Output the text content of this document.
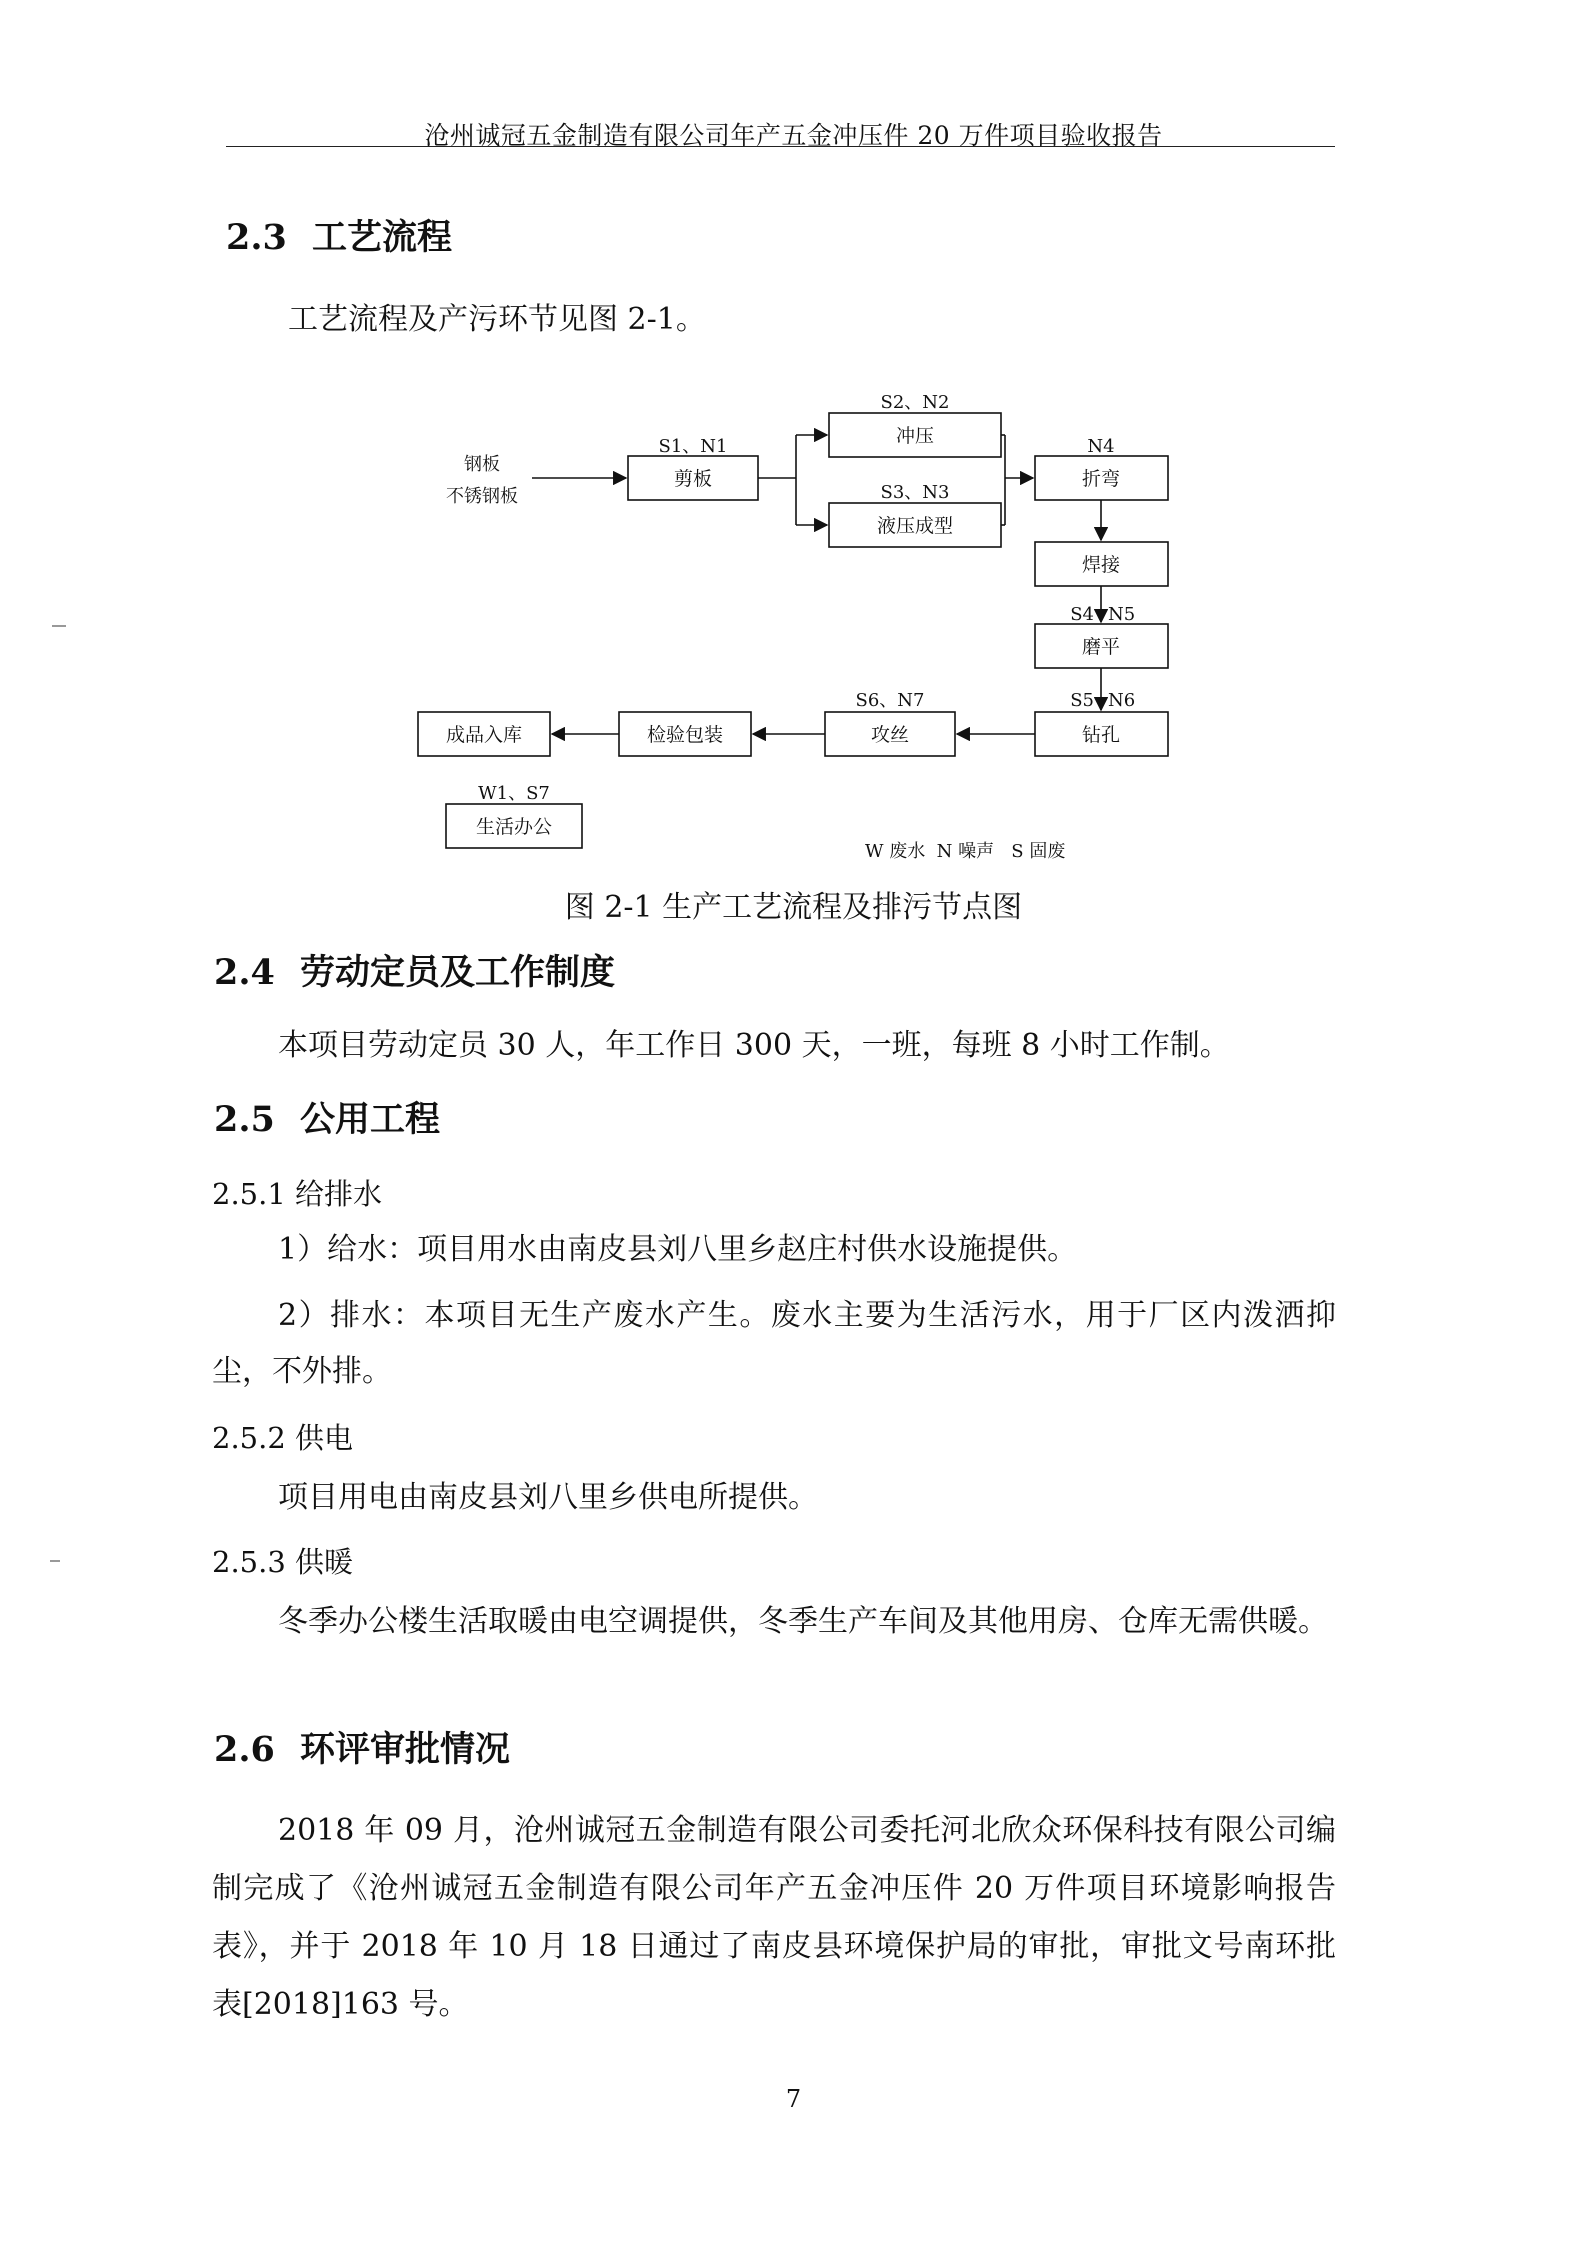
沧州诚冠五金制造有限公司年产五金冲压件 20 万件项目验收报告
2.3 工艺流程
工艺流程及产污环节见图 2-1。
钢板
不锈钢板
剪板
冲压
液压成型
折弯
焊接
磨平
钻孔
攻丝
检验包装
成品入库
生活办公
S1、N1
S2、N2
S3、N3
N4
S4 N5
S5 N6
S6、N7
W1、S7
W 废水  N 噪声   S 固废
图 2-1 生产工艺流程及排污节点图
2.4 劳动定员及工作制度
本项目劳动定员 30 人，年工作日 300 天，一班，每班 8 小时工作制。
2.5 公用工程
2.5.1 给排水
1）给水：项目用水由南皮县刘八里乡赵庄村供水设施提供。
2）排水：本项目无生产废水产生。废水主要为生活污水，用于厂区内泼洒抑尘，不外排。
2.5.2 供电
项目用电由南皮县刘八里乡供电所提供。
2.5.3 供暖
冬季办公楼生活取暖由电空调提供，冬季生产车间及其他用房、仓库无需供暖。
2.6 环评审批情况
2018 年 09 月，沧州诚冠五金制造有限公司委托河北欣众环保科技有限公司编制完成了《沧州诚冠五金制造有限公司年产五金冲压件 20 万件项目环境影响报告表》，并于 2018 年 10 月 18 日通过了南皮县环境保护局的审批，审批文号南环批表[2018]163 号。
7
